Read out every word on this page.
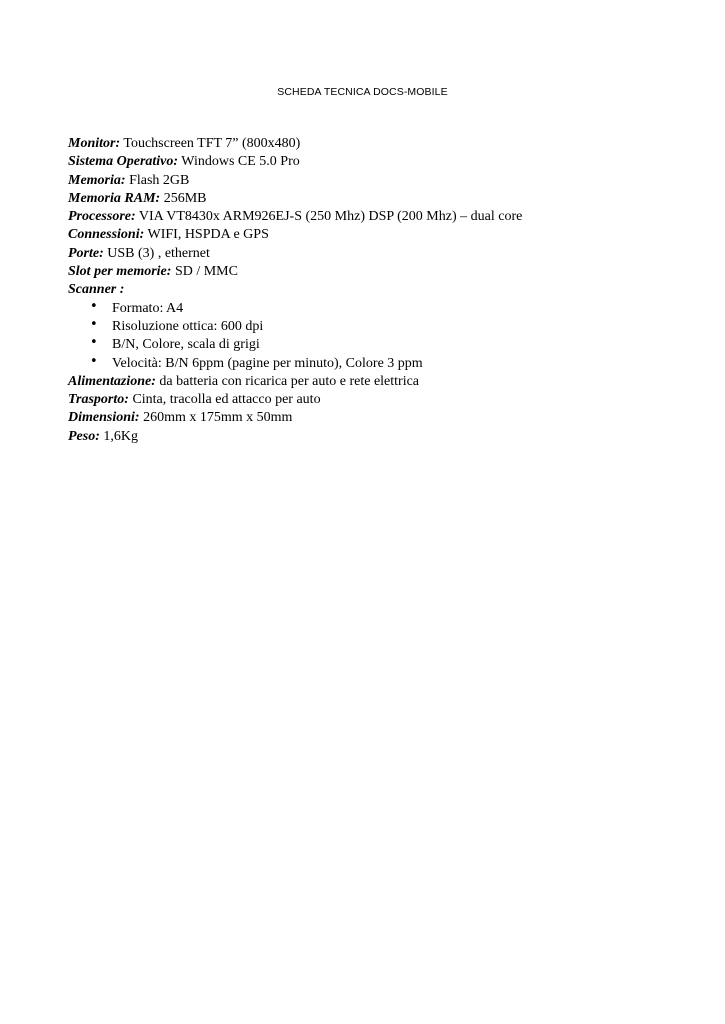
SCHEDA TECNICA DOCS-MOBILE
Monitor: Touchscreen TFT 7” (800x480)
Sistema Operativo: Windows CE 5.0 Pro
Memoria: Flash 2GB
Memoria RAM: 256MB
Processore: VIA VT8430x ARM926EJ-S (250 Mhz) DSP (200 Mhz) – dual core
Connessioni: WIFI, HSPDA e GPS
Porte: USB (3) , ethernet
Slot per memorie: SD / MMC
Scanner :
• Formato: A4
• Risoluzione ottica: 600 dpi
• B/N, Colore, scala di grigi
• Velocità: B/N 6ppm (pagine per minuto), Colore 3 ppm
Alimentazione: da batteria con ricarica per auto e rete elettrica
Trasporto: Cinta, tracolla ed attacco per auto
Dimensioni: 260mm x 175mm x 50mm
Peso: 1,6Kg
